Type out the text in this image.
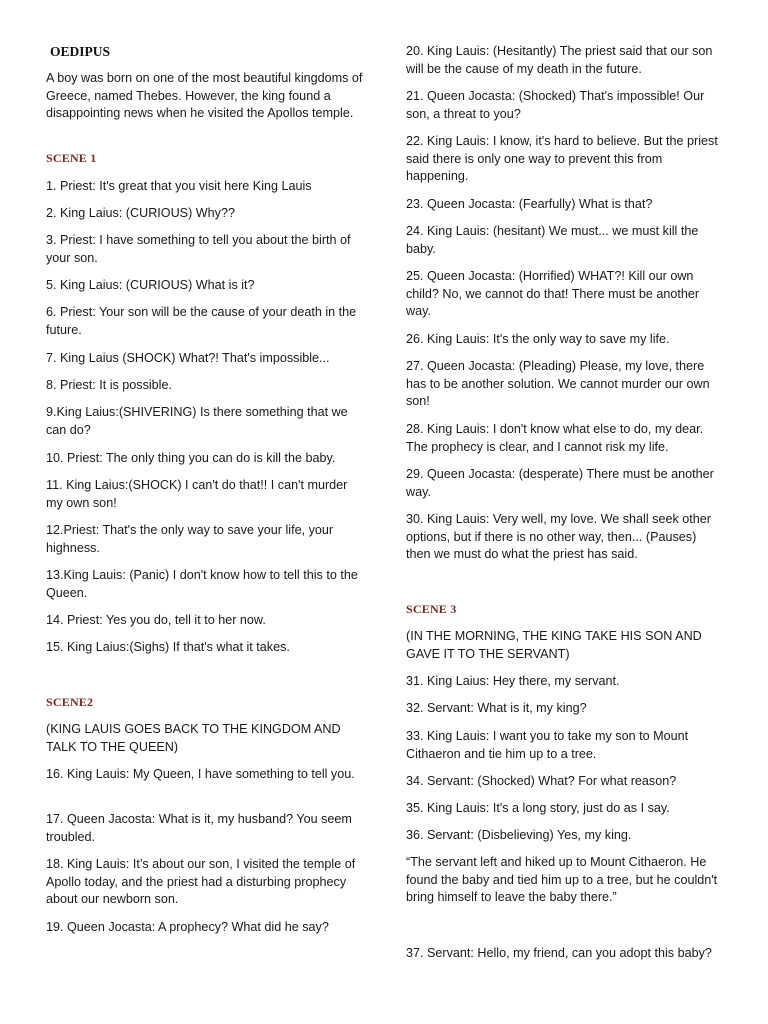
OEDIPUS
A boy was born on one of the most beautiful kingdoms of Greece, named Thebes. However, the king found a disappointing news when he visited the Apollos temple.
SCENE 1
1. Priest: It's great that you visit here King Lauis
2. King Laius: (CURIOUS) Why??
3. Priest: I have something to tell you about the birth of your son.
5. King Laius: (CURIOUS) What is it?
6. Priest: Your son will be the cause of your death in the future.
7. King Laius (SHOCK) What?! That's impossible...
8. Priest: It is possible.
9.King Laius:(SHIVERING) Is there something that we can do?
10. Priest: The only thing you can do is kill the baby.
11. King Laius:(SHOCK) I can't do that!! I can't murder my own son!
12.Priest: That's the only way to save your life, your highness.
13.King Lauis: (Panic) I don't know how to tell this to the Queen.
14. Priest: Yes you do, tell it to her now.
15. King Laius:(Sighs) If that's what it takes.
SCENE2
(KING LAUIS GOES BACK TO THE KINGDOM AND TALK TO THE QUEEN)
16. King Lauis: My Queen, I have something to tell you.
17. Queen Jacosta: What is it, my husband? You seem troubled.
18. King Lauis: It’s about our son, I visited the temple of Apollo today, and the priest had a disturbing prophecy about our newborn son.
19. Queen Jocasta: A prophecy? What did he say?
20. King Lauis: (Hesitantly) The priest said that our son will be the cause of my death in the future.
21. Queen Jocasta: (Shocked) That's impossible! Our son, a threat to you?
22. King Lauis: I know, it's hard to believe. But the priest said there is only one way to prevent this from happening.
23. Queen Jocasta: (Fearfully) What is that?
24. King Lauis: (hesitant) We must... we must kill the baby.
25. Queen Jocasta: (Horrified) WHAT?! Kill our own child? No, we cannot do that! There must be another way.
26. King Lauis: It's the only way to save my life.
27. Queen Jocasta: (Pleading) Please, my love, there has to be another solution. We cannot murder our own son!
28. King Lauis: I don't know what else to do, my dear. The prophecy is clear, and I cannot risk my life.
29. Queen Jocasta: (desperate) There must be another way.
30. King Lauis: Very well, my love. We shall seek other options, but if there is no other way, then... (Pauses) then we must do what the priest has said.
SCENE 3
(IN THE MORNING, THE KING TAKE HIS SON AND GAVE IT TO THE SERVANT)
31. King Laius: Hey there, my servant.
32. Servant: What is it, my king?
33. King Lauis: I want you to take my son to Mount Cithaeron and tie him up to a tree.
34. Servant: (Shocked) What? For what reason?
35. King Lauis: It's a long story, just do as I say.
36. Servant: (Disbelieving) Yes, my king.
“The servant left and hiked up to Mount Cithaeron. He found the baby and tied him up to a tree, but he couldn't bring himself to leave the baby there.”
37. Servant: Hello, my friend, can you adopt this baby?
